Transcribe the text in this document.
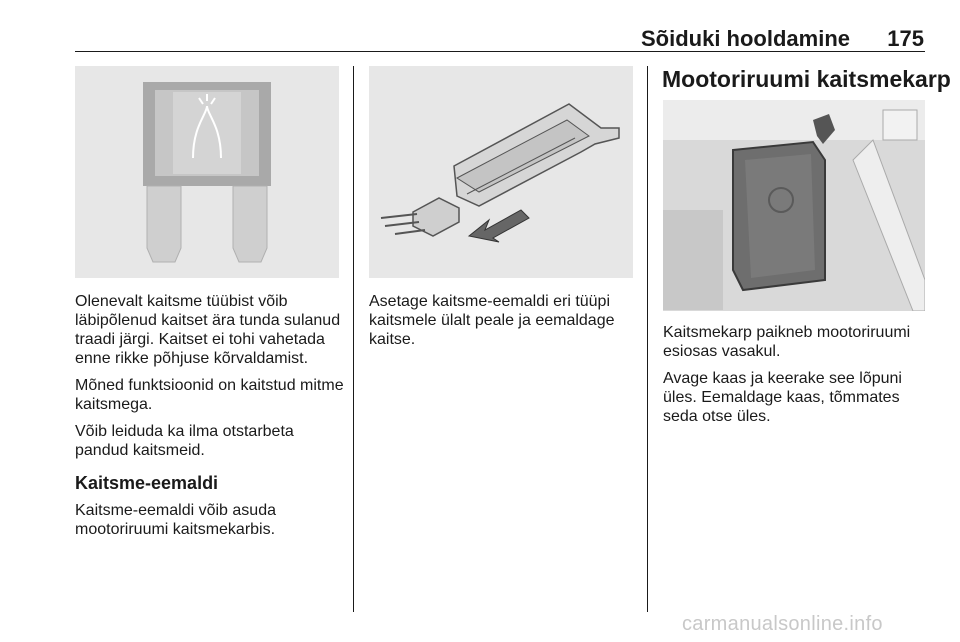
Sõiduki hooldamine	175

Olenevalt kaitsme tüübist võib läbipõlenud kaitset ära tunda sulanud traadi järgi. Kaitset ei tohi vahetada enne rikke põhjuse kõrvaldamist.

Mõned funktsioonid on kaitstud mitme kaitsmega.

Võib leiduda ka ilma otstarbeta pandud kaitsmeid.

Kaitsme-eemaldi

Kaitsme-eemaldi võib asuda mootoriruumi kaitsmekarbis.

Asetage kaitsme-eemaldi eri tüüpi kaitsmele ülalt peale ja eemaldage kaitse.

Mootoriruumi kaitsmekarp

Kaitsmekarp paikneb mootoriruumi esiosas vasakul.

Avage kaas ja keerake see lõpuni üles. Eemaldage kaas, tõmmates seda otse üles.

carmanualsonline.info
